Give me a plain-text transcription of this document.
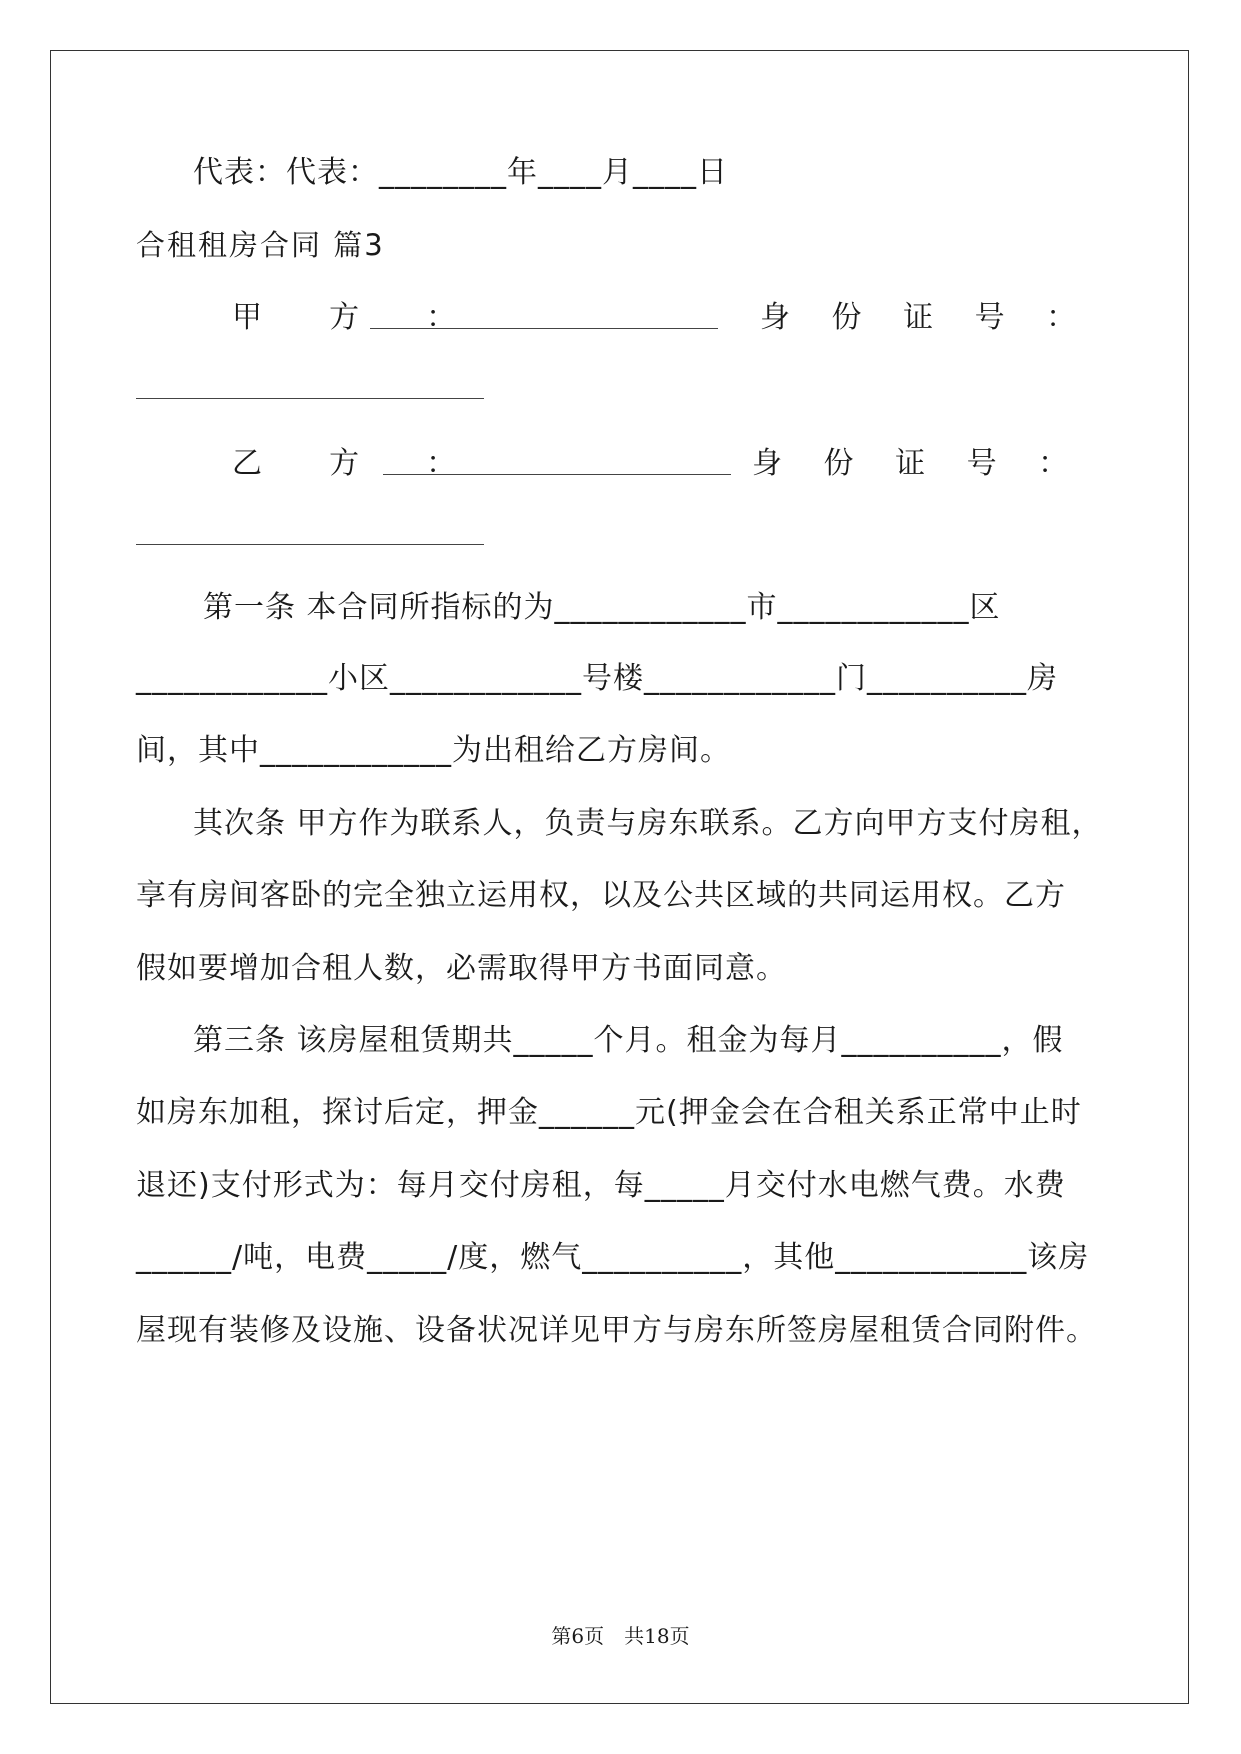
代表：代表：________年____月____日
合租租房合同 篇3
甲  方  ：	身 份 证 号 ：
乙  方  ：	身 份 证 号 ：
第一条 本合同所指标的为____________市____________区
____________小区____________号楼____________门__________房
间，其中____________为出租给乙方房间。
其次条 甲方作为联系人，负责与房东联系。乙方向甲方支付房租，
享有房间客卧的完全独立运用权，以及公共区域的共同运用权。乙方
假如要增加合租人数，必需取得甲方书面同意。
第三条 该房屋租赁期共_____个月。租金为每月__________，假
如房东加租，探讨后定，押金______元(押金会在合租关系正常中止时
退还)支付形式为：每月交付房租，每_____月交付水电燃气费。水费
______/吨，电费_____/度，燃气__________，其他____________该房
屋现有装修及设施、设备状况详见甲方与房东所签房屋租赁合同附件。
第6页　共18页
